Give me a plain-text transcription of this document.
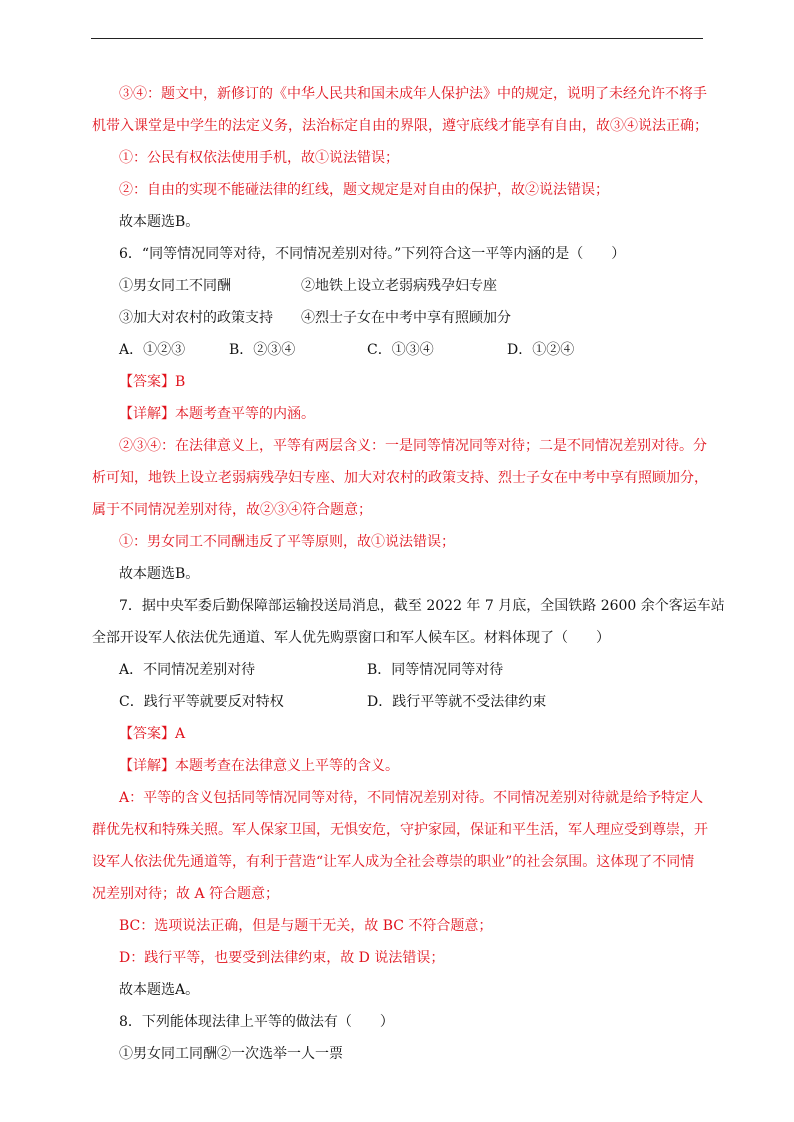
③④：题文中，新修订的《中华人民共和国未成年人保护法》中的规定，说明了未经允许不将手
机带入课堂是中学生的法定义务，法治标定自由的界限，遵守底线才能享有自由，故③④说法正确；
①：公民有权依法使用手机，故①说法错误；
②：自由的实现不能碰法律的红线，题文规定是对自由的保护，故②说法错误；
故本题选B。
6．“同等情况同等对待，不同情况差别对待。”下列符合这一平等内涵的是（　　）
①男女同工不同酬	②地铁上设立老弱病残孕妇专座
③加大对农村的政策支持 ④烈士子女在中考中享有照顾加分
A．①②③	B．②③④	C．①③④	D．①②④
【答案】B
【详解】本题考查平等的内涵。
②③④：在法律意义上，平等有两层含义：一是同等情况同等对待；二是不同情况差别对待。分
析可知，地铁上设立老弱病残孕妇专座、加大对农村的政策支持、烈士子女在中考中享有照顾加分，
属于不同情况差别对待，故②③④符合题意；
①：男女同工不同酬违反了平等原则，故①说法错误；
故本题选B。
7．据中央军委后勤保障部运输投送局消息，截至 2022 年 7 月底，全国铁路 2600 余个客运车站
全部开设军人依法优先通道、军人优先购票窗口和军人候车区。材料体现了（　　）
A．不同情况差别对待	B．同等情况同等对待
C．践行平等就要反对特权	D．践行平等就不受法律约束
【答案】A
【详解】本题考查在法律意义上平等的含义。
A：平等的含义包括同等情况同等对待，不同情况差别对待。不同情况差别对待就是给予特定人
群优先权和特殊关照。军人保家卫国，无惧安危，守护家园，保证和平生活，军人理应受到尊崇，开
设军人依法优先通道等，有利于营造“让军人成为全社会尊崇的职业”的社会氛围。这体现了不同情
况差别对待；故 A 符合题意；
BC：选项说法正确，但是与题干无关，故 BC 不符合题意；
D：践行平等，也要受到法律约束，故 D 说法错误；
故本题选A。
8．下列能体现法律上平等的做法有（　　）
①男女同工同酬②一次选举一人一票
